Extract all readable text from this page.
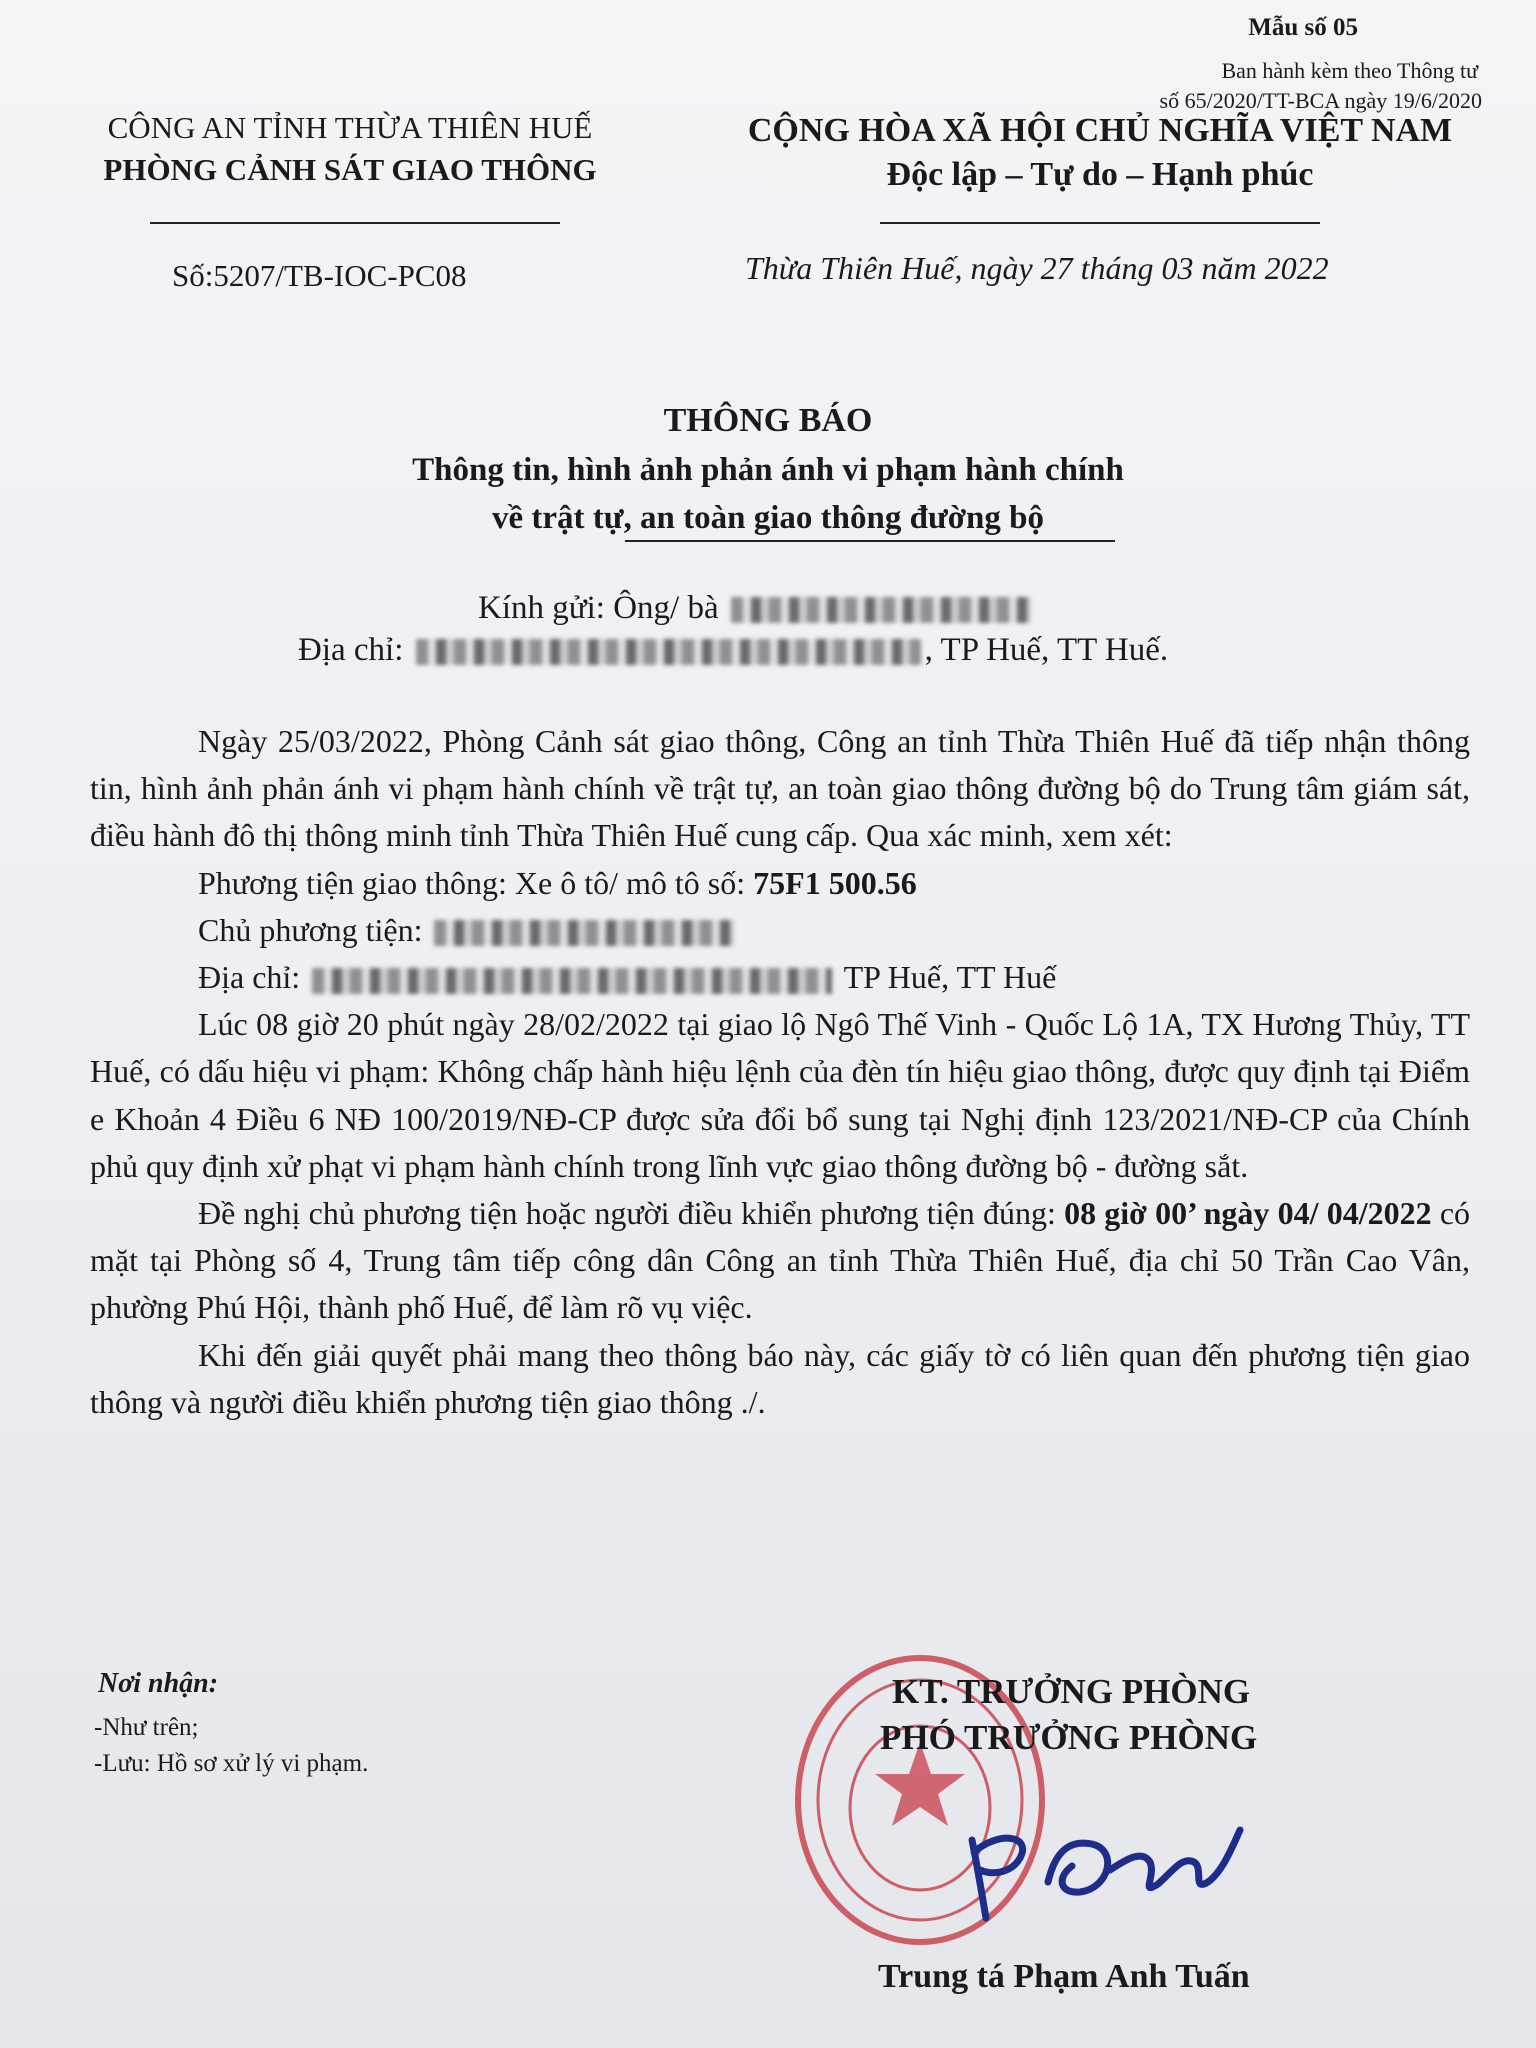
Mẫu số 05
Ban hành kèm theo Thông tư
số 65/2020/TT-BCA ngày 19/6/2020
CÔNG AN TỈNH THỪA THIÊN HUẾ
PHÒNG CẢNH SÁT GIAO THÔNG
CỘNG HÒA XÃ HỘI CHỦ NGHĨA VIỆT NAM
Độc lập – Tự do – Hạnh phúc
Số:5207/TB-IOC-PC08	Thừa Thiên Huế, ngày 27 tháng 03 năm 2022
THÔNG BÁO
Thông tin, hình ảnh phản ánh vi phạm hành chính
về trật tự, an toàn giao thông đường bộ
Kính gửi: Ông/ bà
Địa chỉ:	, TP Huế, TT Huế.

Ngày 25/03/2022, Phòng Cảnh sát giao thông, Công an tỉnh Thừa Thiên Huế đã tiếp nhận thông tin, hình ảnh phản ánh vi phạm hành chính về trật tự, an toàn giao thông đường bộ do Trung tâm giám sát, điều hành đô thị thông minh tỉnh Thừa Thiên Huế cung cấp. Qua xác minh, xem xét:

Phương tiện giao thông: Xe ô tô/ mô tô số: 75F1 500.56

Chủ phương tiện:

Địa chỉ:	TP Huế, TT Huế

Lúc 08 giờ 20 phút ngày 28/02/2022 tại giao lộ Ngô Thế Vinh - Quốc Lộ 1A, TX Hương Thủy, TT Huế, có dấu hiệu vi phạm: Không chấp hành hiệu lệnh của đèn tín hiệu giao thông, được quy định tại Điểm e Khoản 4 Điều 6 NĐ 100/2019/NĐ-CP được sửa đổi bổ sung tại Nghị định 123/2021/NĐ-CP của Chính phủ quy định xử phạt vi phạm hành chính trong lĩnh vực giao thông đường bộ - đường sắt.

Đề nghị chủ phương tiện hoặc người điều khiển phương tiện đúng: 08 giờ 00’ ngày 04/ 04/2022 có mặt tại Phòng số 4, Trung tâm tiếp công dân Công an tỉnh Thừa Thiên Huế, địa chỉ 50 Trần Cao Vân, phường Phú Hội, thành phố Huế, để làm rõ vụ việc.

Khi đến giải quyết phải mang theo thông báo này, các giấy tờ có liên quan đến phương tiện giao thông và người điều khiển phương tiện giao thông ./.

Nơi nhận:
-Như trên;
-Lưu: Hồ sơ xử lý vi phạm.
KT. TRƯỞNG PHÒNG
PHÓ TRƯỞNG PHÒNG
Trung tá Phạm Anh Tuấn
